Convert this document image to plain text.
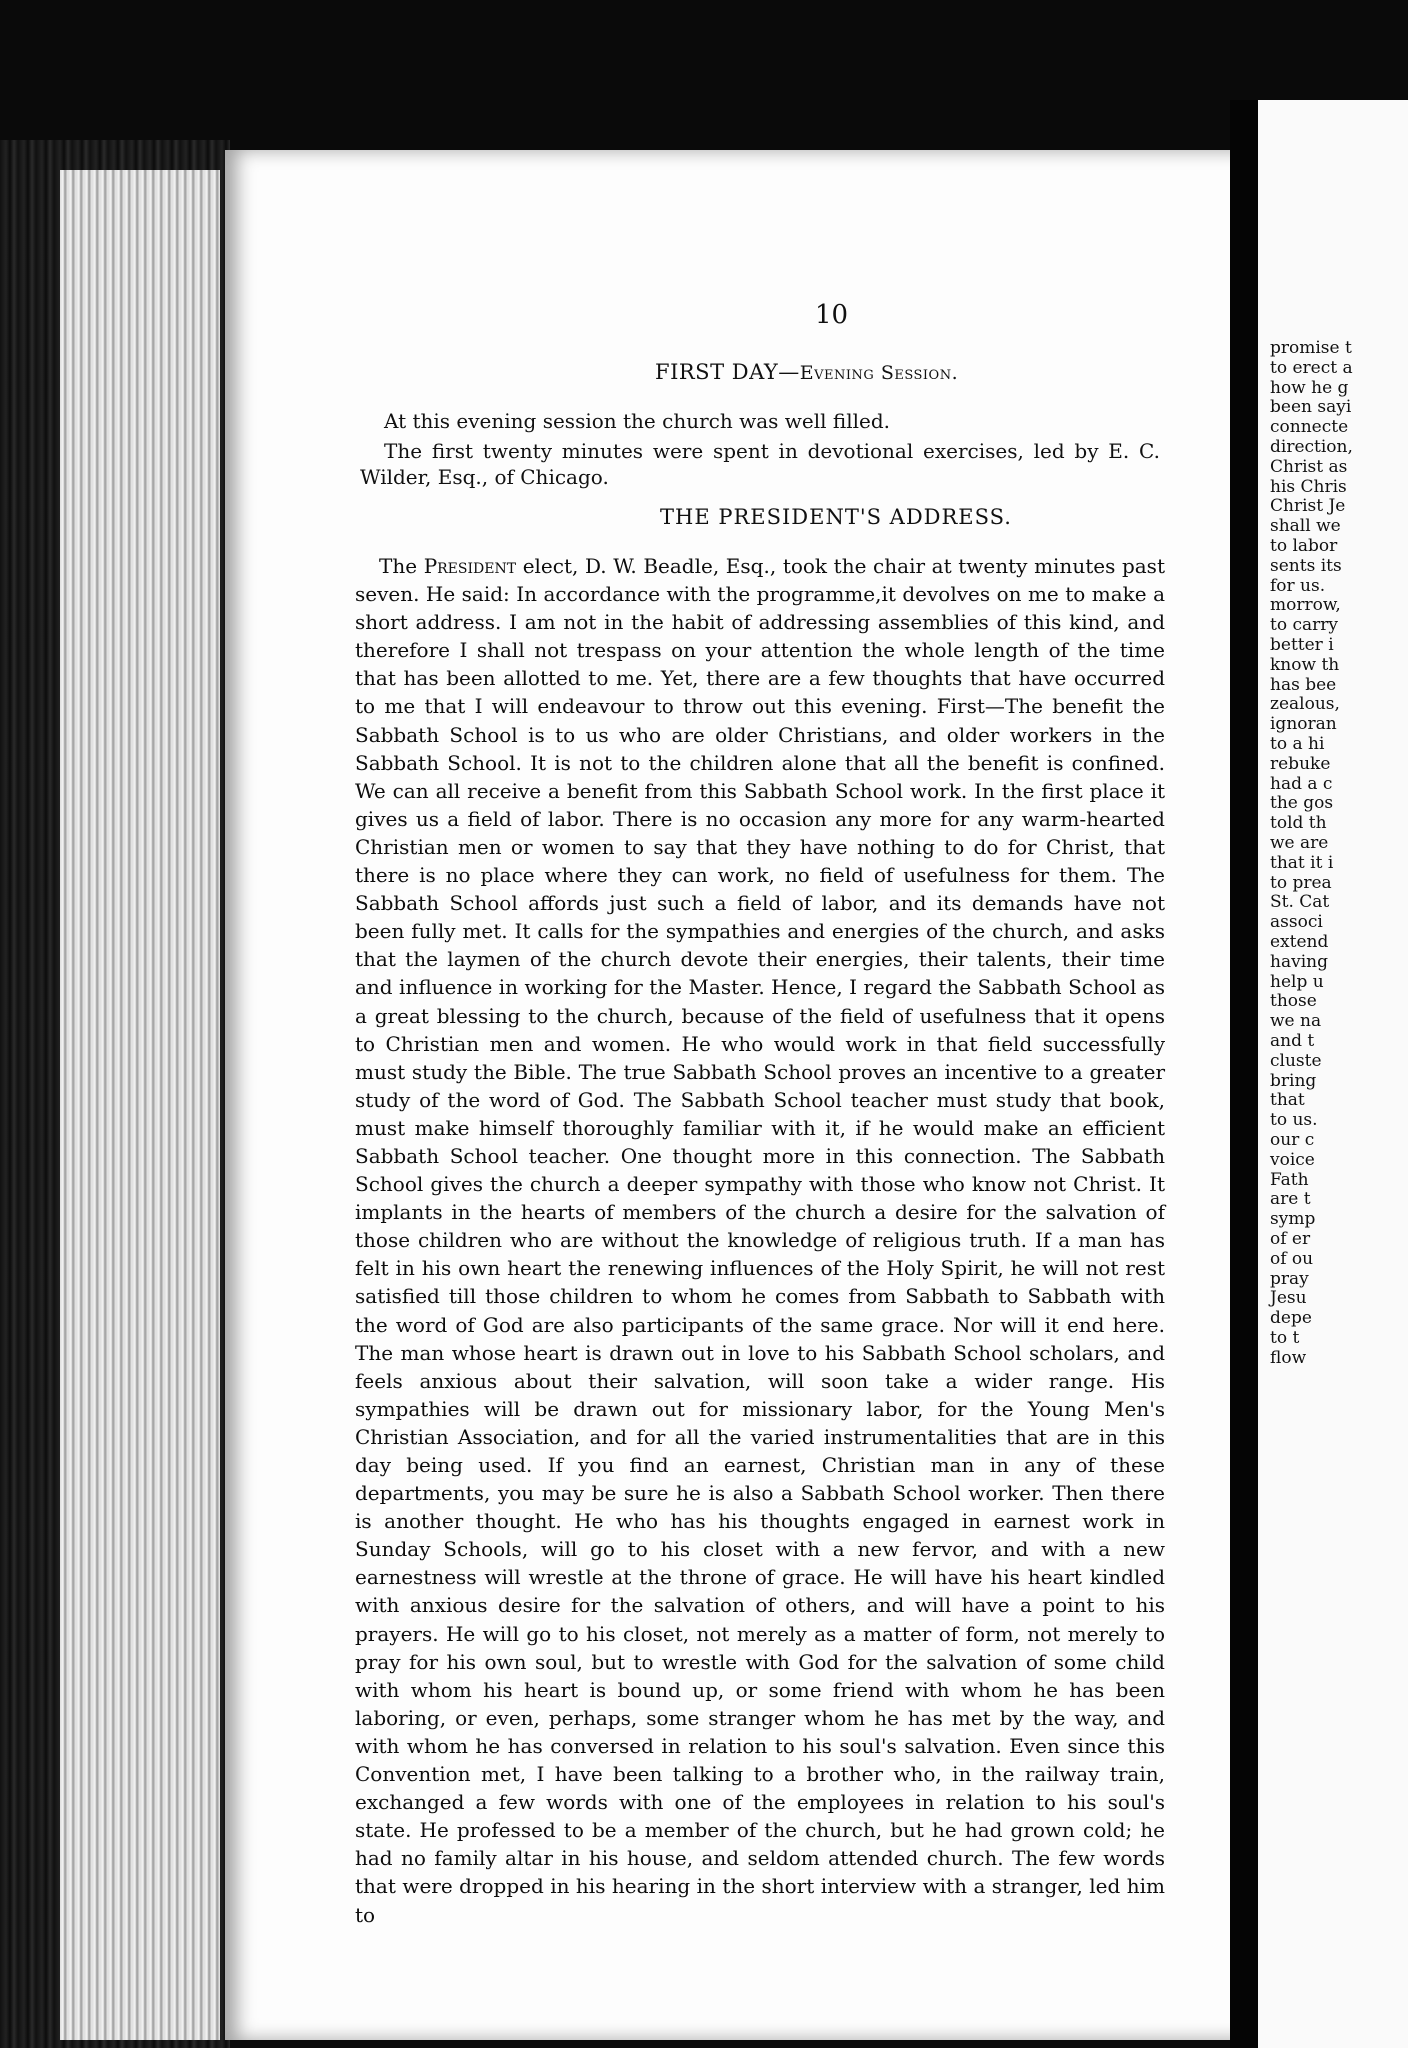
10
FIRST DAY—Evening Session.
At this evening session the church was well filled.
The first twenty minutes were spent in devotional exercises, led by E. C. Wilder, Esq., of Chicago.
THE PRESIDENT'S ADDRESS.
The President elect, D. W. Beadle, Esq., took the chair at twenty minutes past seven. He said: In accordance with the programme,it devolves on me to make a short address. I am not in the habit of addressing assemblies of this kind, and therefore I shall not trespass on your attention the whole length of the time that has been allotted to me. Yet, there are a few thoughts that have occurred to me that I will endeavour to throw out this evening. First—The benefit the Sabbath School is to us who are older Christians, and older workers in the Sabbath School. It is not to the children alone that all the benefit is confined. We can all receive a benefit from this Sabbath School work. In the first place it gives us a field of labor. There is no occasion any more for any warm-hearted Christian men or women to say that they have nothing to do for Christ, that there is no place where they can work, no field of usefulness for them. The Sabbath School affords just such a field of labor, and its demands have not been fully met. It calls for the sympathies and energies of the church, and asks that the laymen of the church devote their energies, their talents, their time and influence in working for the Master. Hence, I regard the Sabbath School as a great blessing to the church, because of the field of usefulness that it opens to Christian men and women. He who would work in that field successfully must study the Bible. The true Sabbath School proves an incentive to a greater study of the word of God. The Sabbath School teacher must study that book, must make himself thoroughly familiar with it, if he would make an efficient Sabbath School teacher. One thought more in this connection. The Sabbath School gives the church a deeper sympathy with those who know not Christ. It implants in the hearts of members of the church a desire for the salvation of those children who are without the knowledge of religious truth. If a man has felt in his own heart the renewing influences of the Holy Spirit, he will not rest satisfied till those children to whom he comes from Sabbath to Sabbath with the word of God are also participants of the same grace. Nor will it end here. The man whose heart is drawn out in love to his Sabbath School scholars, and feels anxious about their salvation, will soon take a wider range. His sympathies will be drawn out for missionary labor, for the Young Men's Christian Association, and for all the varied instrumentalities that are in this day being used. If you find an earnest, Christian man in any of these departments, you may be sure he is also a Sabbath School worker. Then there is another thought. He who has his thoughts engaged in earnest work in Sunday Schools, will go to his closet with a new fervor, and with a new earnestness will wrestle at the throne of grace. He will have his heart kindled with anxious desire for the salvation of others, and will have a point to his prayers. He will go to his closet, not merely as a matter of form, not merely to pray for his own soul, but to wrestle with God for the salvation of some child with whom his heart is bound up, or some friend with whom he has been laboring, or even, perhaps, some stranger whom he has met by the way, and with whom he has conversed in relation to his soul's salvation. Even since this Convention met, I have been talking to a brother who, in the railway train, exchanged a few words with one of the employees in relation to his soul's state. He professed to be a member of the church, but he had grown cold; he had no family altar in his house, and seldom attended church. The few words that were dropped in his hearing in the short interview with a stranger, led him to
promise t
to erect a
how he g
been sayi
connecte
direction,
Christ as
his Chris
Christ Je
shall we
to labor
sents its
for us.
morrow,
to carry
better i
know th
has bee
zealous,
ignoran
to a hi
rebuke
had a c
the gos
told th
we are
that it i
to prea
St. Cat
associ
extend
having
help u
those
we na
and t
cluste
bring
that
to us.
our c
voice
Fath
are t
symp
of er
of ou
pray
Jesu
depe
to t
flow
